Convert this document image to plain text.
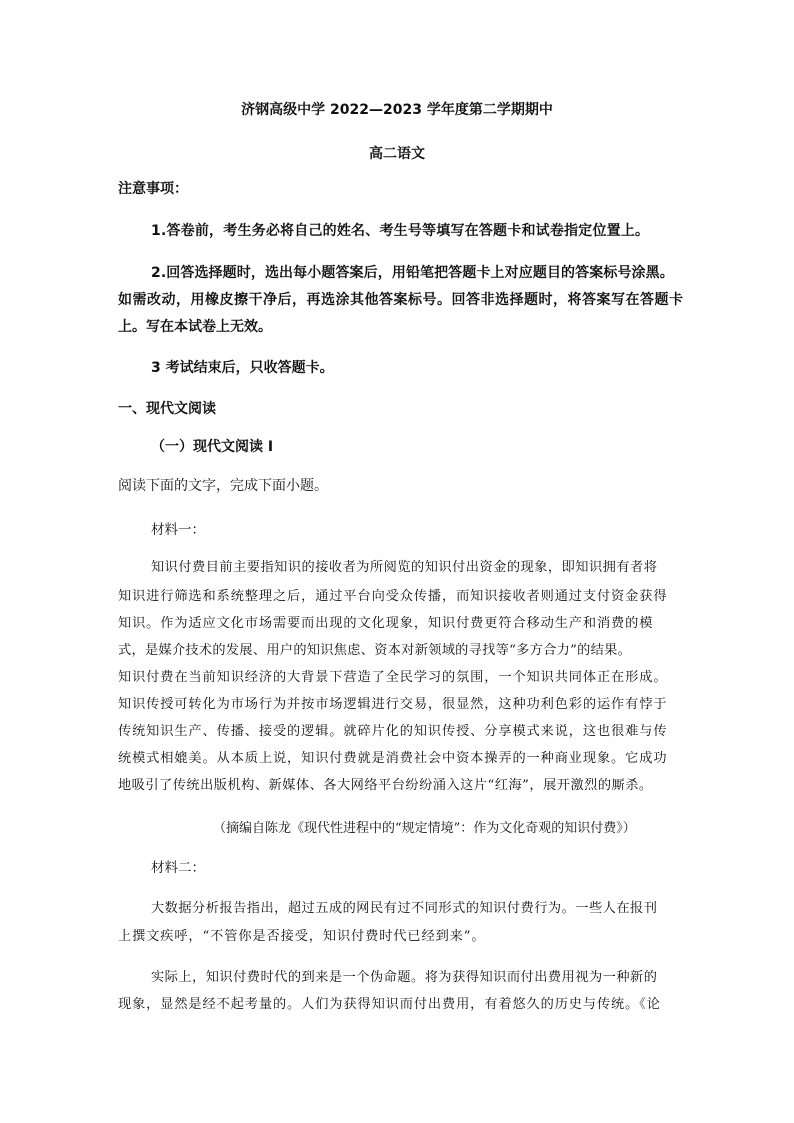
济钢高级中学 2022—2023 学年度第二学期期中
高二语文
注意事项：
1.答卷前，考生务必将自己的姓名、考生号等填写在答题卡和试卷指定位置上。
2.回答选择题时，选出每小题答案后，用铅笔把答题卡上对应题目的答案标号涂黑。
如需改动，用橡皮擦干净后，再选涂其他答案标号。回答非选择题时，将答案写在答题卡
上。写在本试卷上无效。
3 考试结束后，只收答题卡。
一、现代文阅读
（一）现代文阅读 I
阅读下面的文字，完成下面小题。
材料一：
知识付费目前主要指知识的接收者为所阅览的知识付出资金的现象，即知识拥有者将
知识进行筛选和系统整理之后，通过平台向受众传播，而知识接收者则通过支付资金获得
知识。作为适应文化市场需要而出现的文化现象，知识付费更符合移动生产和消费的模
式，是媒介技术的发展、用户的知识焦虑、资本对新领域的寻找等“多方合力”的结果。
知识付费在当前知识经济的大背景下营造了全民学习的氛围，一个知识共同体正在形成。
知识传授可转化为市场行为并按市场逻辑进行交易，很显然，这种功利色彩的运作有悖于
传统知识生产、传播、接受的逻辑。就碎片化的知识传授、分享模式来说，这也很难与传
统模式相媲美。从本质上说，知识付费就是消费社会中资本操弄的一种商业现象。它成功
地吸引了传统出版机构、新媒体、各大网络平台纷纷涌入这片“红海”，展开激烈的厮杀。
（摘编自陈龙《现代性进程中的“规定情境”：作为文化奇观的知识付费》）
材料二：
大数据分析报告指出，超过五成的网民有过不同形式的知识付费行为。一些人在报刊
上撰文疾呼，“不管你是否接受，知识付费时代已经到来”。
实际上，知识付费时代的到来是一个伪命题。将为获得知识而付出费用视为一种新的
现象，显然是经不起考量的。人们为获得知识而付出费用，有着悠久的历史与传统。《论
